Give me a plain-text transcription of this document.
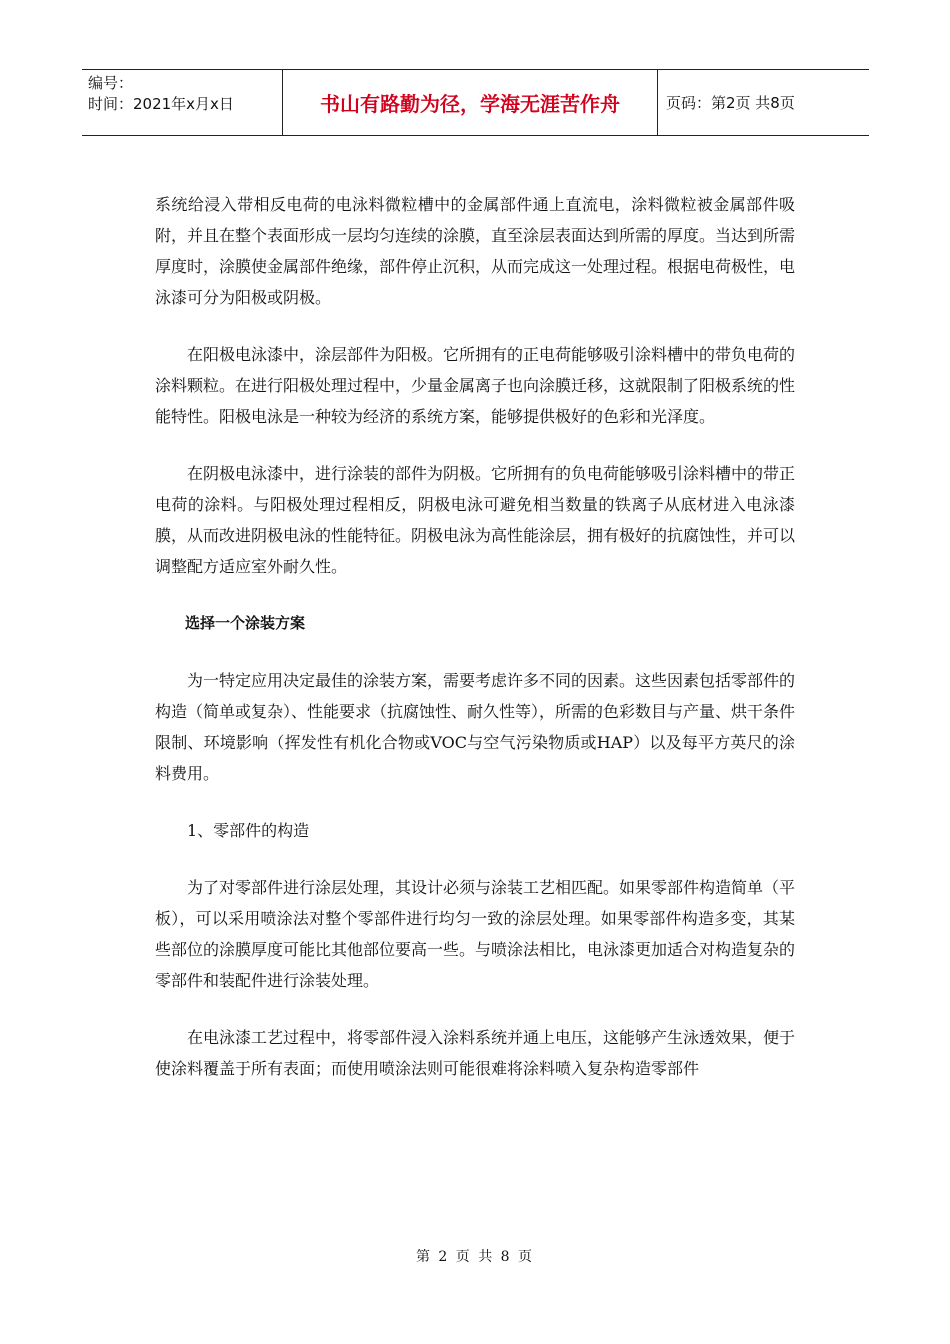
编号：
时间：2021年x月x日	书山有路勤为径，学海无涯苦作舟	页码：第2页 共8页

系统给浸入带相反电荷的电泳料微粒槽中的金属部件通上直流电，涂料微粒被金属部件吸附，并且在整个表面形成一层均匀连续的涂膜，直至涂层表面达到所需的厚度。当达到所需厚度时，涂膜使金属部件绝缘，部件停止沉积，从而完成这一处理过程。根据电荷极性，电泳漆可分为阳极或阴极。

在阳极电泳漆中，涂层部件为阳极。它所拥有的正电荷能够吸引涂料槽中的带负电荷的涂料颗粒。在进行阳极处理过程中，少量金属离子也向涂膜迁移，这就限制了阳极系统的性能特性。阳极电泳是一种较为经济的系统方案，能够提供极好的色彩和光泽度。

在阴极电泳漆中，进行涂装的部件为阴极。它所拥有的负电荷能够吸引涂料槽中的带正电荷的涂料。与阳极处理过程相反，阴极电泳可避免相当数量的铁离子从底材进入电泳漆膜，从而改进阴极电泳的性能特征。阴极电泳为高性能涂层，拥有极好的抗腐蚀性，并可以调整配方适应室外耐久性。

选择一个涂装方案

为一特定应用决定最佳的涂装方案，需要考虑许多不同的因素。这些因素包括零部件的构造（简单或复杂）、性能要求（抗腐蚀性、耐久性等），所需的色彩数目与产量、烘干条件限制、环境影响（挥发性有机化合物或VOC与空气污染物质或HAP）以及每平方英尺的涂料费用。

1、零部件的构造

为了对零部件进行涂层处理，其设计必须与涂装工艺相匹配。如果零部件构造简单（平板），可以采用喷涂法对整个零部件进行均匀一致的涂层处理。如果零部件构造多变，其某些部位的涂膜厚度可能比其他部位要高一些。与喷涂法相比，电泳漆更加适合对构造复杂的零部件和装配件进行涂装处理。

在电泳漆工艺过程中，将零部件浸入涂料系统并通上电压，这能够产生泳透效果，便于使涂料覆盖于所有表面；而使用喷涂法则可能很难将涂料喷入复杂构造零部件

第 2 页 共 8 页
